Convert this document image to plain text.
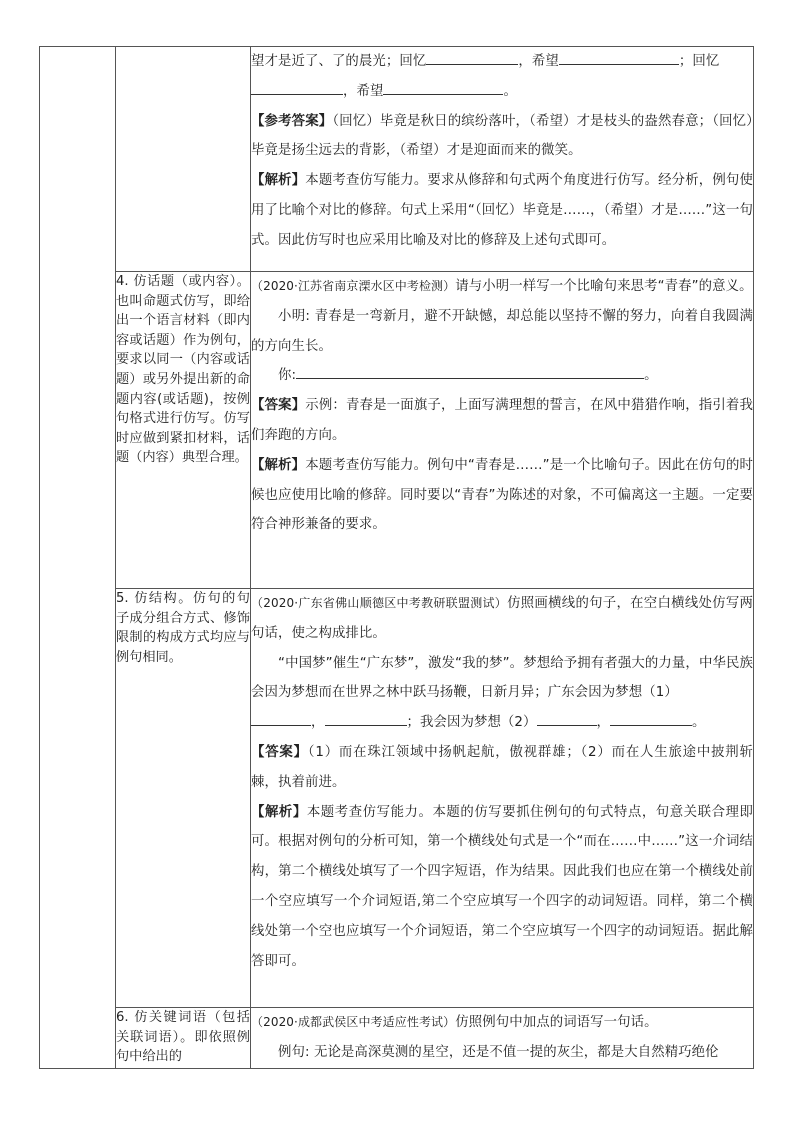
		望才是近了、了的晨光；回忆 ，希望 ；回忆
，希望 。

【参考答案】（回忆）毕竟是秋日的缤纷落叶，（希望）才是枝头的盎然春意；（回忆）毕竟是扬尘远去的背影，（希望）才是迎面而来的微笑。

【解析】本题考查仿写能力。要求从修辞和句式两个角度进行仿写。经分析，例句使用了比喻个对比的修辞。句式上采用“（回忆）毕竟是……，（希望）才是……”这一句式。因此仿写时也应采用比喻及对比的修辞及上述句式即可。

	4. 仿话题（或内容）。也叫命题式仿写，即给出一个语言材料（即内容或话题）作为例句，要求以同一（内容或话题）或另外提出新的命题内容(或话题)，按例句格式进行仿写。仿写时应做到紧扣材料，话题（内容）典型合理。	（2020·江苏省南京溧水区中考检测）请与小明一样写一个比喻句来思考“青春”的意义。

小明: 青春是一弯新月，避不开缺憾，却总能以坚持不懈的努力，向着自我圆满的方向生长。

你: 。

【答案】示例：青春是一面旗子，上面写满理想的誓言，在风中猎猎作响，指引着我们奔跑的方向。

【解析】本题考查仿写能力。例句中“青春是……”是一个比喻句子。因此在仿句的时候也应使用比喻的修辞。同时要以“青春”为陈述的对象，不可偏离这一主题。一定要符合神形兼备的要求。

	5. 仿结构。仿句的句子成分组合方式、修饰限制的构成方式均应与例句相同。	（2020·广东省佛山顺德区中考教研联盟测试）仿照画横线的句子，在空白横线处仿写两句话，使之构成排比。

“中国梦”催生“广东梦”，激发“我的梦”。梦想给予拥有者强大的力量，中华民族会因为梦想而在世界之林中跃马扬鞭，日新月异；广东会因为梦想（1）
， ；我会因为梦想（2） ， 。

【答案】（1）而在珠江领域中扬帆起航，傲视群雄；（2）而在人生旅途中披荆斩棘，执着前进。

【解析】本题考查仿写能力。本题的仿写要抓住例句的句式特点，句意关联合理即可。根据对例句的分析可知，第一个横线处句式是一个“而在……中……”这一介词结构，第二个横线处填写了一个四字短语，作为结果。因此我们也应在第一个横线处前一个空应填写一个介词短语,第二个空应填写一个四字的动词短语。同样，第二个横线处第一个空也应填写一个介词短语，第二个空应填写一个四字的动词短语。据此解答即可。

	6. 仿关键词语（包括关联词语）。即依照例句中给出的	（2020·成都武侯区中考适应性考试）仿照例句中加点的词语写一句话。

例句: 无论是高深莫测的星空，还是不值一提的灰尘，都是大自然精巧绝伦
